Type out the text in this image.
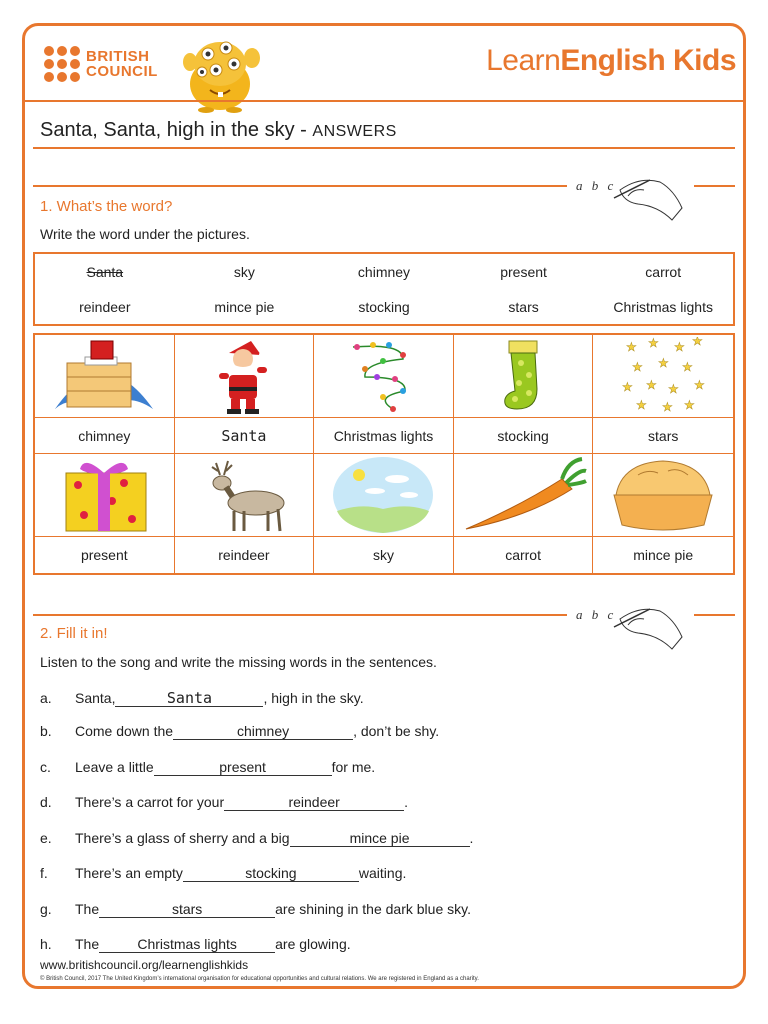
BRITISH
COUNCIL	LearnEnglish Kids
Santa, Santa, high in the sky - ANSWERS
a b c
1. What’s the word?
Write the word under the pictures.
Santa	sky	chimney	present	carrot
reindeer	mince pie	stocking	stars	Christmas lights
★ ★ ★ ★
★ ★ ★
★ ★ ★ ★
★ ★ ★
chimney	Santa	Christmas lights	stocking	stars
present	reindeer	sky	carrot	mince pie
a b c
2. Fill it in!
Listen to the song and write the missing words in the sentences.
a.	Santa,	Santa	, high in the sky.
b.	Come down the	chimney	, don’t be shy.
c.	Leave a little	present	for me.
d.	There’s a carrot for your	reindeer	.
e.	There’s a glass of sherry and a big	mince pie	.
f.	There’s an empty	stocking	waiting.
g.	The	stars	are shining in the dark blue sky.
h.	The	Christmas lights	are glowing.
www.britishcouncil.org/learnenglishkids
© British Council, 2017 The United Kingdom’s international organisation for educational opportunities and cultural relations. We are registered in England as a charity.
